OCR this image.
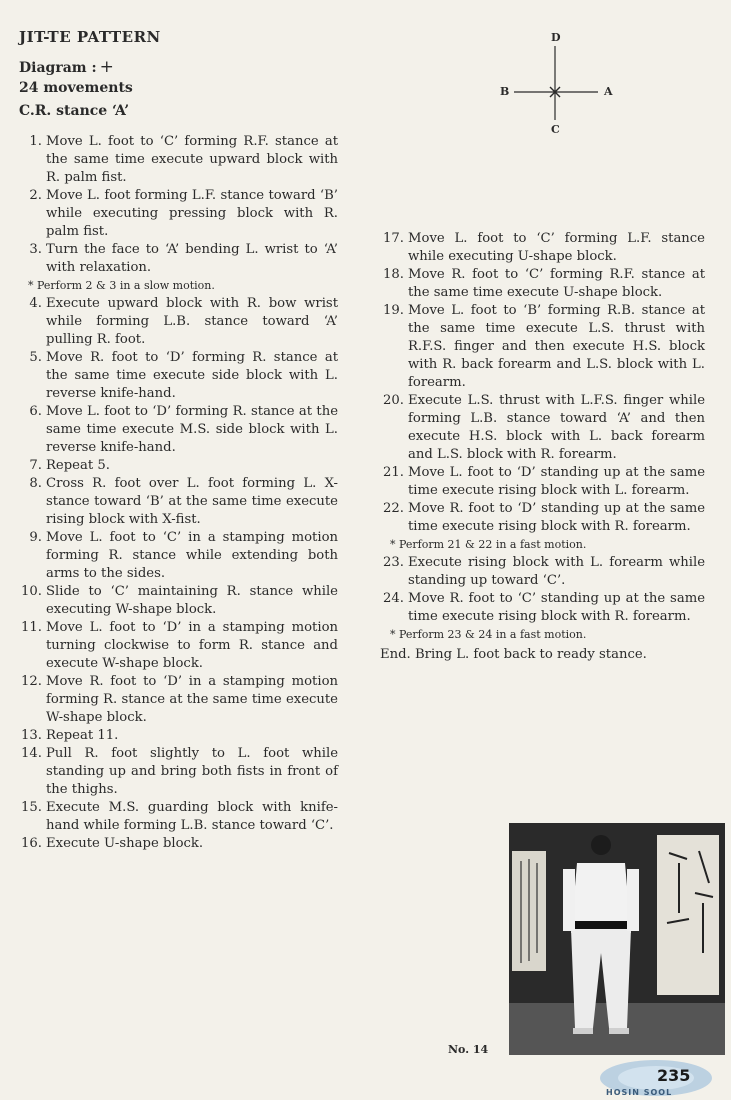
JIT-TE PATTERN
Diagram : +
24 movements
C.R. stance ‘A’
D
C
B	A
1. Move L. foot to ‘C’ forming R.F. stance at the same time execute upward block with R. palm fist.
2. Move L. foot forming L.F. stance toward ‘B’ while executing pressing block with R. palm fist.
3. Turn the face to ‘A’ bending L. wrist to ‘A’ with relaxation.
* Perform 2 & 3 in a slow motion.
4. Execute upward block with R. bow wrist while forming L.B. stance toward ‘A’ pulling R. foot.
5. Move R. foot to ‘D’ forming R. stance at the same time execute side block with L. reverse knife-hand.
6. Move L. foot to ‘D’ forming R. stance at the same time execute M.S. side block with L. reverse knife-hand.
7. Repeat 5.
8. Cross R. foot over L. foot forming L. X-stance toward ‘B’ at the same time execute rising block with X-fist.
9. Move L. foot to ‘C’ in a stamping motion forming R. stance while extending both arms to the sides.
10. Slide to ‘C’ maintaining R. stance while executing W-shape block.
11. Move L. foot to ‘D’ in a stamping motion turning clockwise to form R. stance and execute W-shape block.
12. Move R. foot to ‘D’ in a stamping motion forming R. stance at the same time execute W-shape block.
13. Repeat 11.
14. Pull R. foot slightly to L. foot while standing up and bring both fists in front of the thighs.
15. Execute M.S. guarding block with knife-hand while forming L.B. stance toward ‘C’.
16. Execute U-shape block.
17. Move L. foot to ‘C’ forming L.F. stance while executing U-shape block.
18. Move R. foot to ‘C’ forming R.F. stance at the same time execute U-shape block.
19. Move L. foot to ‘B’ forming R.B. stance at the same time execute L.S. thrust with R.F.S. finger and then execute H.S. block with R. back forearm and L.S. block with L. forearm.
20. Execute L.S. thrust with L.F.S. finger while forming L.B. stance toward ‘A’ and then execute H.S. block with L. back forearm and L.S. block with R. forearm.
21. Move L. foot to ‘D’ standing up at the same time execute rising block with L. forearm.
22. Move R. foot to ‘D’ standing up at the same time execute rising block with R. forearm.
* Perform 21 & 22 in a fast motion.
23. Execute rising block with L. forearm while standing up toward ‘C’.
24. Move R. foot to ‘C’ standing up at the same time execute rising block with R. forearm.
* Perform 23 & 24 in a fast motion.
End. Bring L. foot back to ready stance.
No. 14
235
HOSIN SOOL
